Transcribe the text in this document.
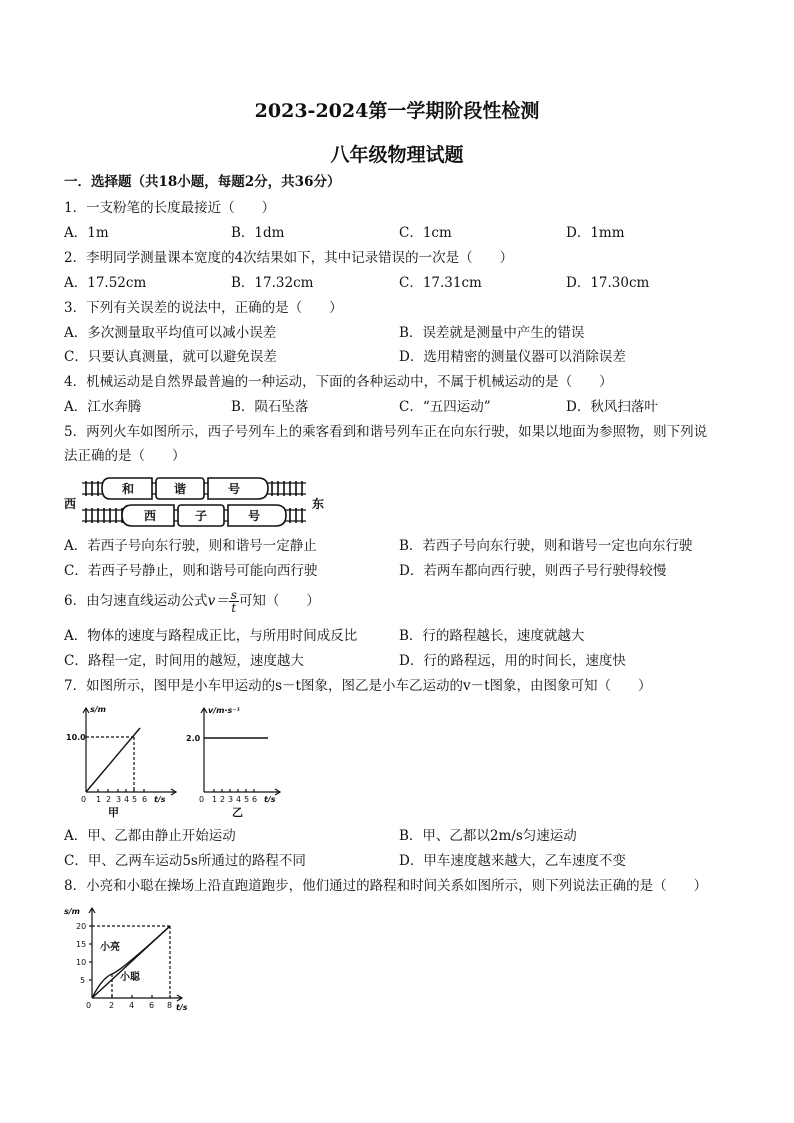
2023-2024第一学期阶段性检测
八年级物理试题
一．选择题（共18小题，每题2分，共36分）
1．一支粉笔的长度最接近（　　）
A．1m	B．1dm	C．1cm	D．1mm
2．李明同学测量课本宽度的4次结果如下，其中记录错误的一次是（　　）
A．17.52cm	B．17.32cm	C．17.31cm	D．17.30cm
3．下列有关误差的说法中，正确的是（　　）
A．多次测量取平均值可以减小误差	B．误差就是测量中产生的错误
C．只要认真测量，就可以避免误差	D．选用精密的测量仪器可以消除误差
4．机械运动是自然界最普遍的一种运动，下面的各种运动中，不属于机械运动的是（　　）
A．江水奔腾	B．陨石坠落	C．“五四运动”	D．秋风扫落叶
5．两列火车如图所示，西子号列车上的乘客看到和谐号列车正在向东行驶，如果以地面为参照物，则下列说
法正确的是（　　）
西	东
和	谐	号
西	子	号
A．若西子号向东行驶，则和谐号一定静止	B．若西子号向东行驶，则和谐号一定也向东行驶
C．若西子号静止，则和谐号可能向西行驶	D．若两车都向西行驶，则西子号行驶得较慢
6．由匀速直线运动公式$v= \frac{s}{t}$ 可知（　　）
A．物体的速度与路程成正比，与所用时间成反比	B．行的路程越长，速度就越大
C．路程一定，时间用的越短，速度越大	D．行的路程远，用的时间长，速度快
7．如图所示，图甲是小车甲运动的s－t图象，图乙是小车乙运动的v－t图象，由图象可知（　　）
s/m
10.0
0 1 2 3 4 5 6 t/s
甲
v/m·s⁻¹
2.0
0 1 2 3 4 5 6 t/s
乙
A．甲、乙都由静止开始运动	B．甲、乙都以2m/s匀速运动
C．甲、乙两车运动5s所通过的路程不同	D．甲车速度越来越大，乙车速度不变
8．小亮和小聪在操场上沿直跑道跑步，他们通过的路程和时间关系如图所示，则下列说法正确的是（　　）
s/m
20
15
10
5
0 2 4 6 8 t/s
小亮
小聪
